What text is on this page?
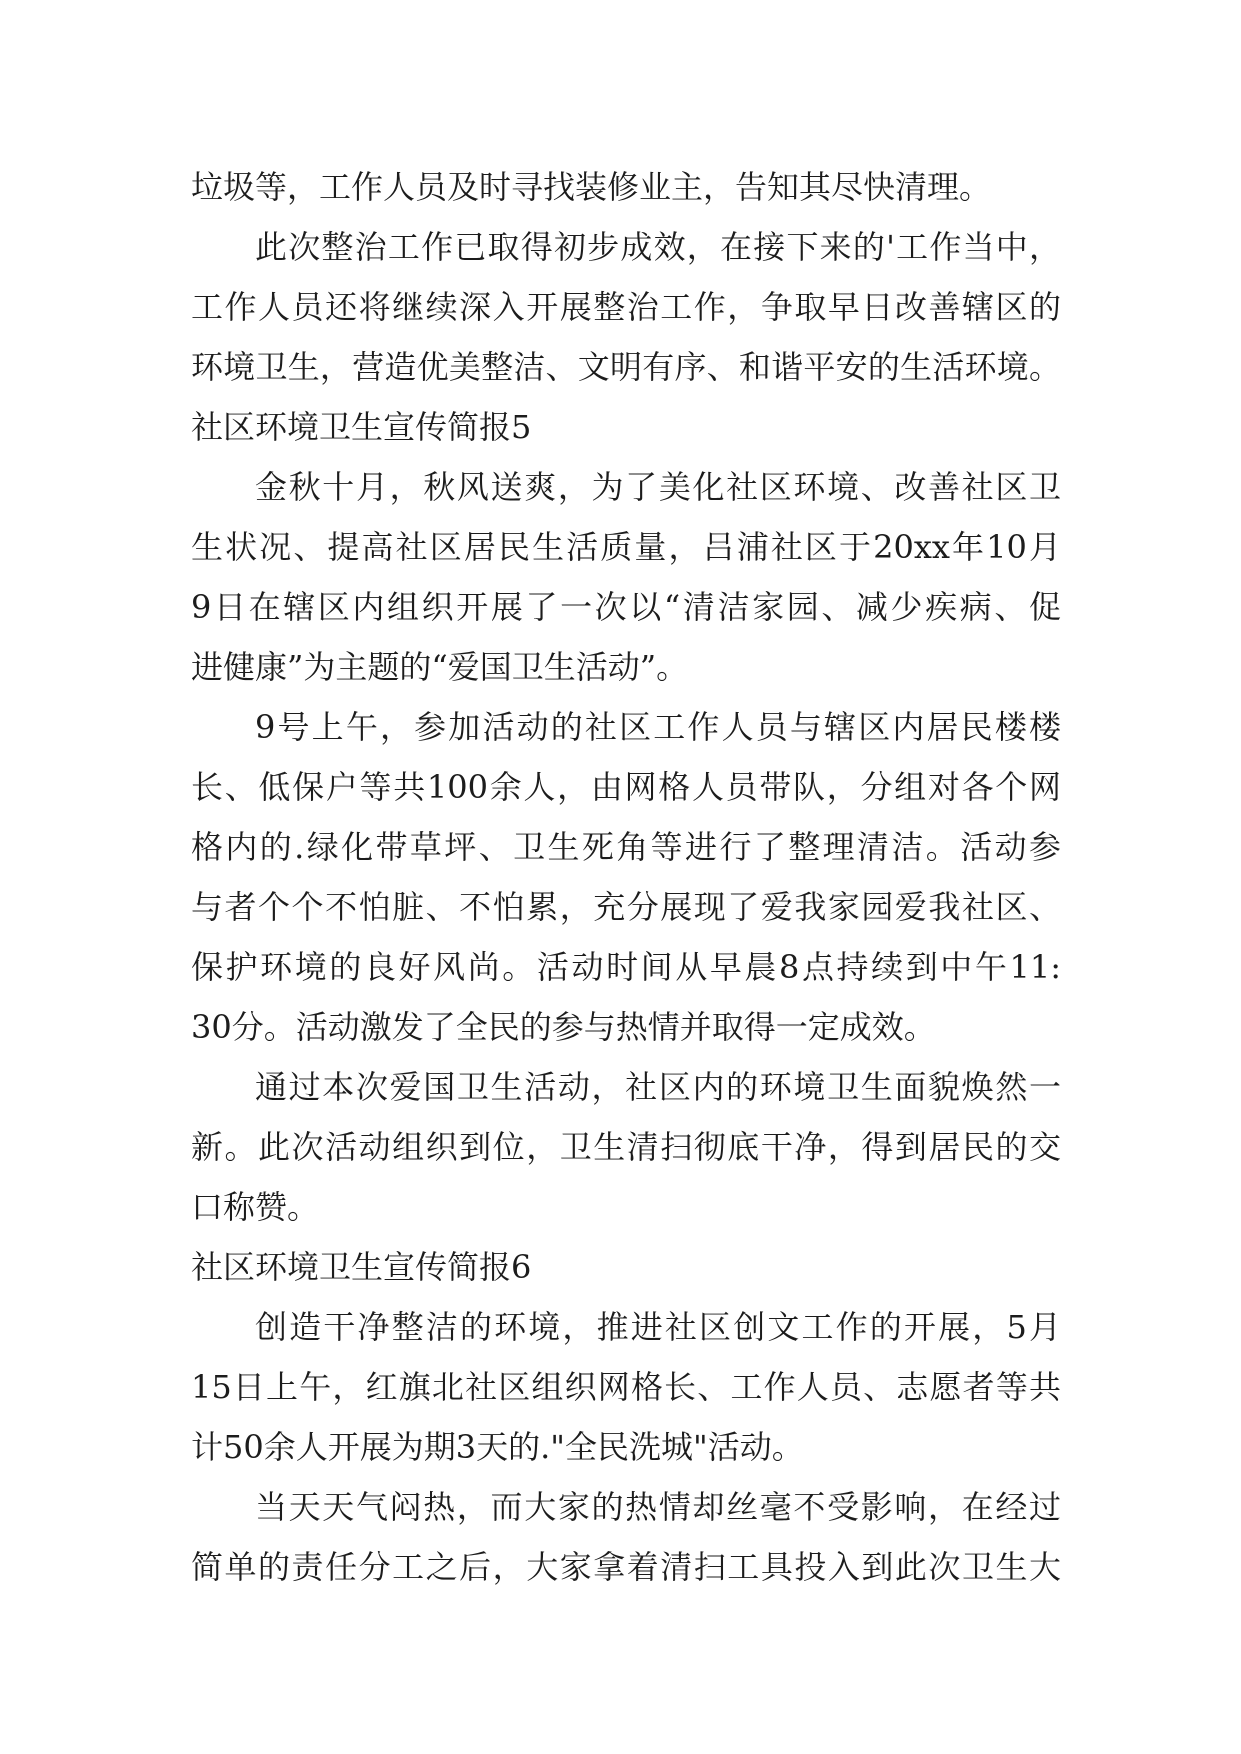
垃圾等，工作人员及时寻找装修业主，告知其尽快清理。
此次整治工作已取得初步成效，在接下来的'工作当中，
工作人员还将继续深入开展整治工作，争取早日改善辖区的
环境卫生，营造优美整洁、文明有序、和谐平安的生活环境。
社区环境卫生宣传简报5
金秋十月，秋风送爽，为了美化社区环境、改善社区卫
生状况、提高社区居民生活质量，吕浦社区于20xx年10月
9日在辖区内组织开展了一次以“清洁家园、减少疾病、促
进健康”为主题的“爱国卫生活动”。
9号上午，参加活动的社区工作人员与辖区内居民楼楼
长、低保户等共100余人，由网格人员带队，分组对各个网
格内的.绿化带草坪、卫生死角等进行了整理清洁。活动参
与者个个不怕脏、不怕累，充分展现了爱我家园爱我社区、
保护环境的良好风尚。活动时间从早晨8点持续到中午11:
30分。活动激发了全民的参与热情并取得一定成效。
通过本次爱国卫生活动，社区内的环境卫生面貌焕然一
新。此次活动组织到位，卫生清扫彻底干净，得到居民的交
口称赞。
社区环境卫生宣传简报6
创造干净整洁的环境，推进社区创文工作的开展，5月
15日上午，红旗北社区组织网格长、工作人员、志愿者等共
计50余人开展为期3天的."全民洗城"活动。
当天天气闷热，而大家的热情却丝毫不受影响，在经过
简单的责任分工之后，大家拿着清扫工具投入到此次卫生大
